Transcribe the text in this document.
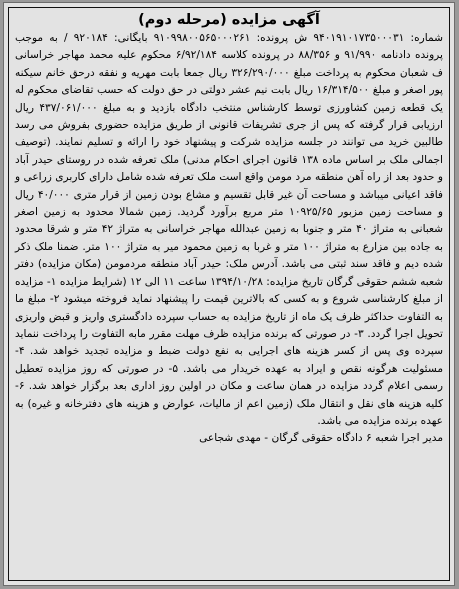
آگهی مزایده (مرحله دوم)

شماره: ۹۴۰۱۹۱۰۱۷۳۵۰۰۰۳۱ ش پرونده: ۹۱۰۹۹۸۰۰۵۶۵۰۰۰۲۶۱ بایگانی: ۹۲۰۱۸۴ / به موجب پرونده دادنامه ۹۱/۹۹۰ و ۸۸/۳۵۶ در پرونده کلاسه ۶/۹۲/۱۸۴ محکوم علیه محمد مهاجر خراسانی ف شعبان محکوم به پرداخت مبلغ ۳۲۶/۲۹۰/۰۰۰ ریال جمعا بابت مهریه و نفقه درحق خانم سیکنه پور اصغر و مبلغ ۱۶/۳۱۴/۵۰۰ ریال بابت نیم عشر دولتی در حق دولت که حسب تقاضای محکوم له یک قطعه زمین کشاورزی توسط کارشناس منتخب دادگاه بازدید و به مبلغ ۴۳۷/۰۶۱/۰۰۰ ریال ارزیابی قرار گرفته که پس از جری تشریفات قانونی از طریق مزایده حضوری بفروش می رسد طالبین خرید می توانند در جلسه مزایده شرکت و پیشنهاد خود را ارائه و تسلیم نمایند. (توصیف اجمالی ملک بر اساس ماده ۱۳۸ قانون اجرای احکام مدنی) ملک تعرفه شده در روستای حیدر آباد و حدود بعد از راه آهن منطقه مرد مومن واقع است ملک تعرفه شده شامل دارای کاربری زراعی و فاقد اعیانی میباشد و مساحت آن غیر قابل تقسیم و مشاع بودن زمین از قرار متری ۴۰/۰۰۰ ریال و مساحت زمین مزبور ۱۰۹۲۵/۶۵ متر مربع برآورد گردید. زمین شمالا محدود به زمین اصغر شعبانی به متراژ ۴۰ متر و جنوبا به زمین عبدالله مهاجر خراسانی به متراژ ۴۲ متر و شرقا محدود به جاده بین مزارع به متراژ ۱۰۰ متر و غربا به زمین محمود میر به متراژ ۱۰۰ متر. ضمنا ملک ذکر شده دیم و فاقد سند ثبتی می باشد. آدرس ملک: حیدر آباد منطقه مردمومن (مکان مزایده) دفتر شعبه ششم حقوقی گرگان تاریخ مزایده: ۱۳۹۴/۱۰/۲۸ ساعت ۱۱ الی ۱۲ (شرایط مزایده ۱- مزایده از مبلغ کارشناسی شروع و به کسی که بالاترین قیمت را پیشنهاد نماید فروخته میشود ۲- مبلغ ما به التفاوت حداکثر ظرف یک ماه از تاریخ مزایده به حساب سپرده دادگستری واریز و قبض واریزی تحویل اجرا گردد. ۳- در صورتی که برنده مزایده ظرف مهلت مقرر مابه التفاوت را پرداخت ننماید سپرده وی پس از کسر هزینه های اجرایی به نفع دولت ضبط و مزایده تجدید خواهد شد. ۴- مسئولیت هرگونه نقص و ایراد به عهده خریدار می باشد. ۵- در صورتی که روز مزایده تعطیل رسمی اعلام گردد مزایده در همان ساعت و مکان در اولین روز اداری بعد برگزار خواهد شد. ۶- کلیه هزینه های نقل و انتقال ملک (زمین اعم از مالیات، عوارض و هزینه های دفترخانه و غیره) به عهده برنده مزایده می باشد.

مدیر اجرا شعبه ۶ دادگاه حقوقی گرگان - مهدی شجاعی
